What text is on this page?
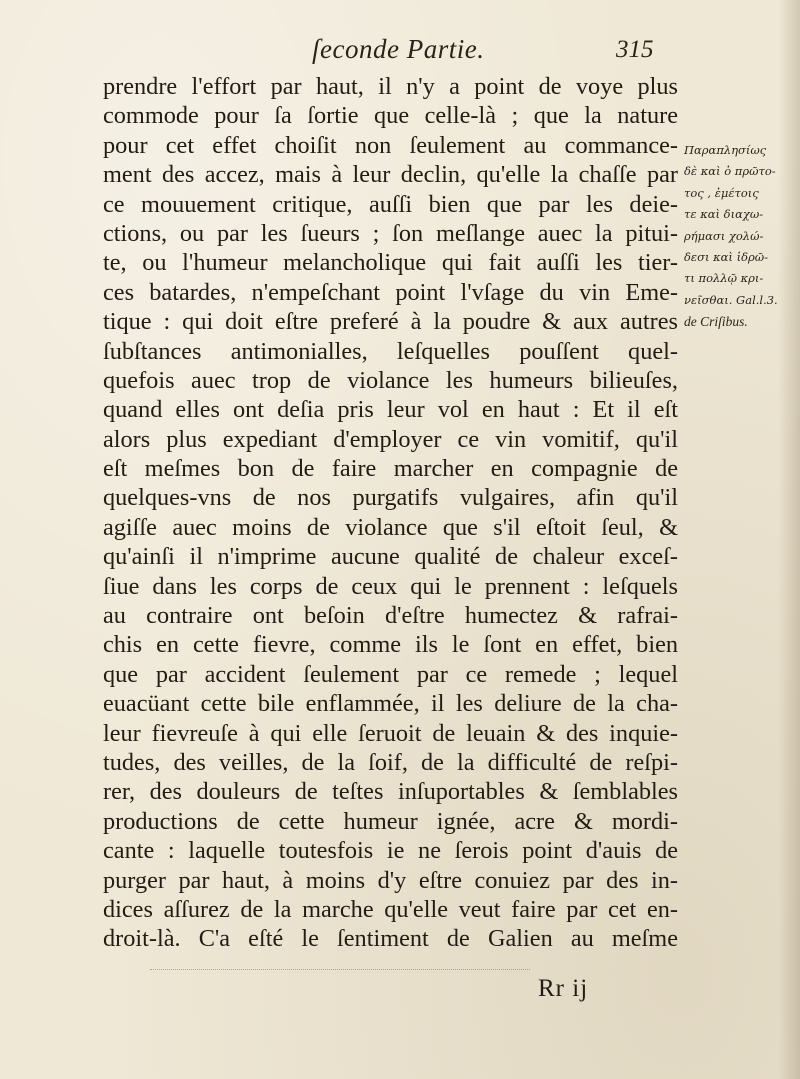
ſeconde Partie.	315
prendre l'effort par haut, il n'y a point de voye plus
commode pour ſa ſortie que celle-là ; que la nature
pour cet effet choiſit non ſeulement au commance-
ment des accez, mais à leur declin, qu'elle la chaſſe par
ce mouuement critique, auſſi bien que par les deie-
ctions, ou par les ſueurs ; ſon meſlange auec la pitui-
te, ou l'humeur melancholique qui fait auſſi les tier-
ces batardes, n'empeſchant point l'vſage du vin Eme-
tique : qui doit eſtre preferé à la poudre & aux autres
ſubſtances antimonialles, leſquelles pouſſent quel-
quefois auec trop de violance les humeurs bilieuſes,
quand elles ont deſia pris leur vol en haut : Et il eſt
alors plus expediant d'employer ce vin vomitif, qu'il
eſt meſmes bon de faire marcher en compagnie de
quelques-vns de nos purgatifs vulgaires, afin qu'il
agiſſe auec moins de violance que s'il eſtoit ſeul, &
qu'ainſi il n'imprime aucune qualité de chaleur exceſ-
ſiue dans les corps de ceux qui le prennent : leſquels
au contraire ont beſoin d'eſtre humectez & rafrai-
chis en cette fievre, comme ils le ſont en effet, bien
que par accident ſeulement par ce remede ; lequel
euacüant cette bile enflammée, il les deliure de la cha-
leur fievreuſe à qui elle ſeruoit de leuain & des inquie-
tudes, des veilles, de la ſoif, de la difficulté de reſpi-
rer, des douleurs de teſtes inſuportables & ſemblables
productions de cette humeur ignée, acre & mordi-
cante : laquelle toutesfois ie ne ſerois point d'auis de
purger par haut, à moins d'y eſtre conuiez par des in-
dices aſſurez de la marche qu'elle veut faire par cet en-
droit-là. C'a eſté le ſentiment de Galien au meſme
Παραπλησίως
δὲ καὶ ὁ πρῶτο-
τος , ἐμέτοις
τε καὶ διαχω-
ρήμασι χολώ-
δεσι καὶ ἱδρῶ-
τι πολλῷ κρι-
νεῖσθαι. Gal.l.3.
de Criſibus.
Rr ij
